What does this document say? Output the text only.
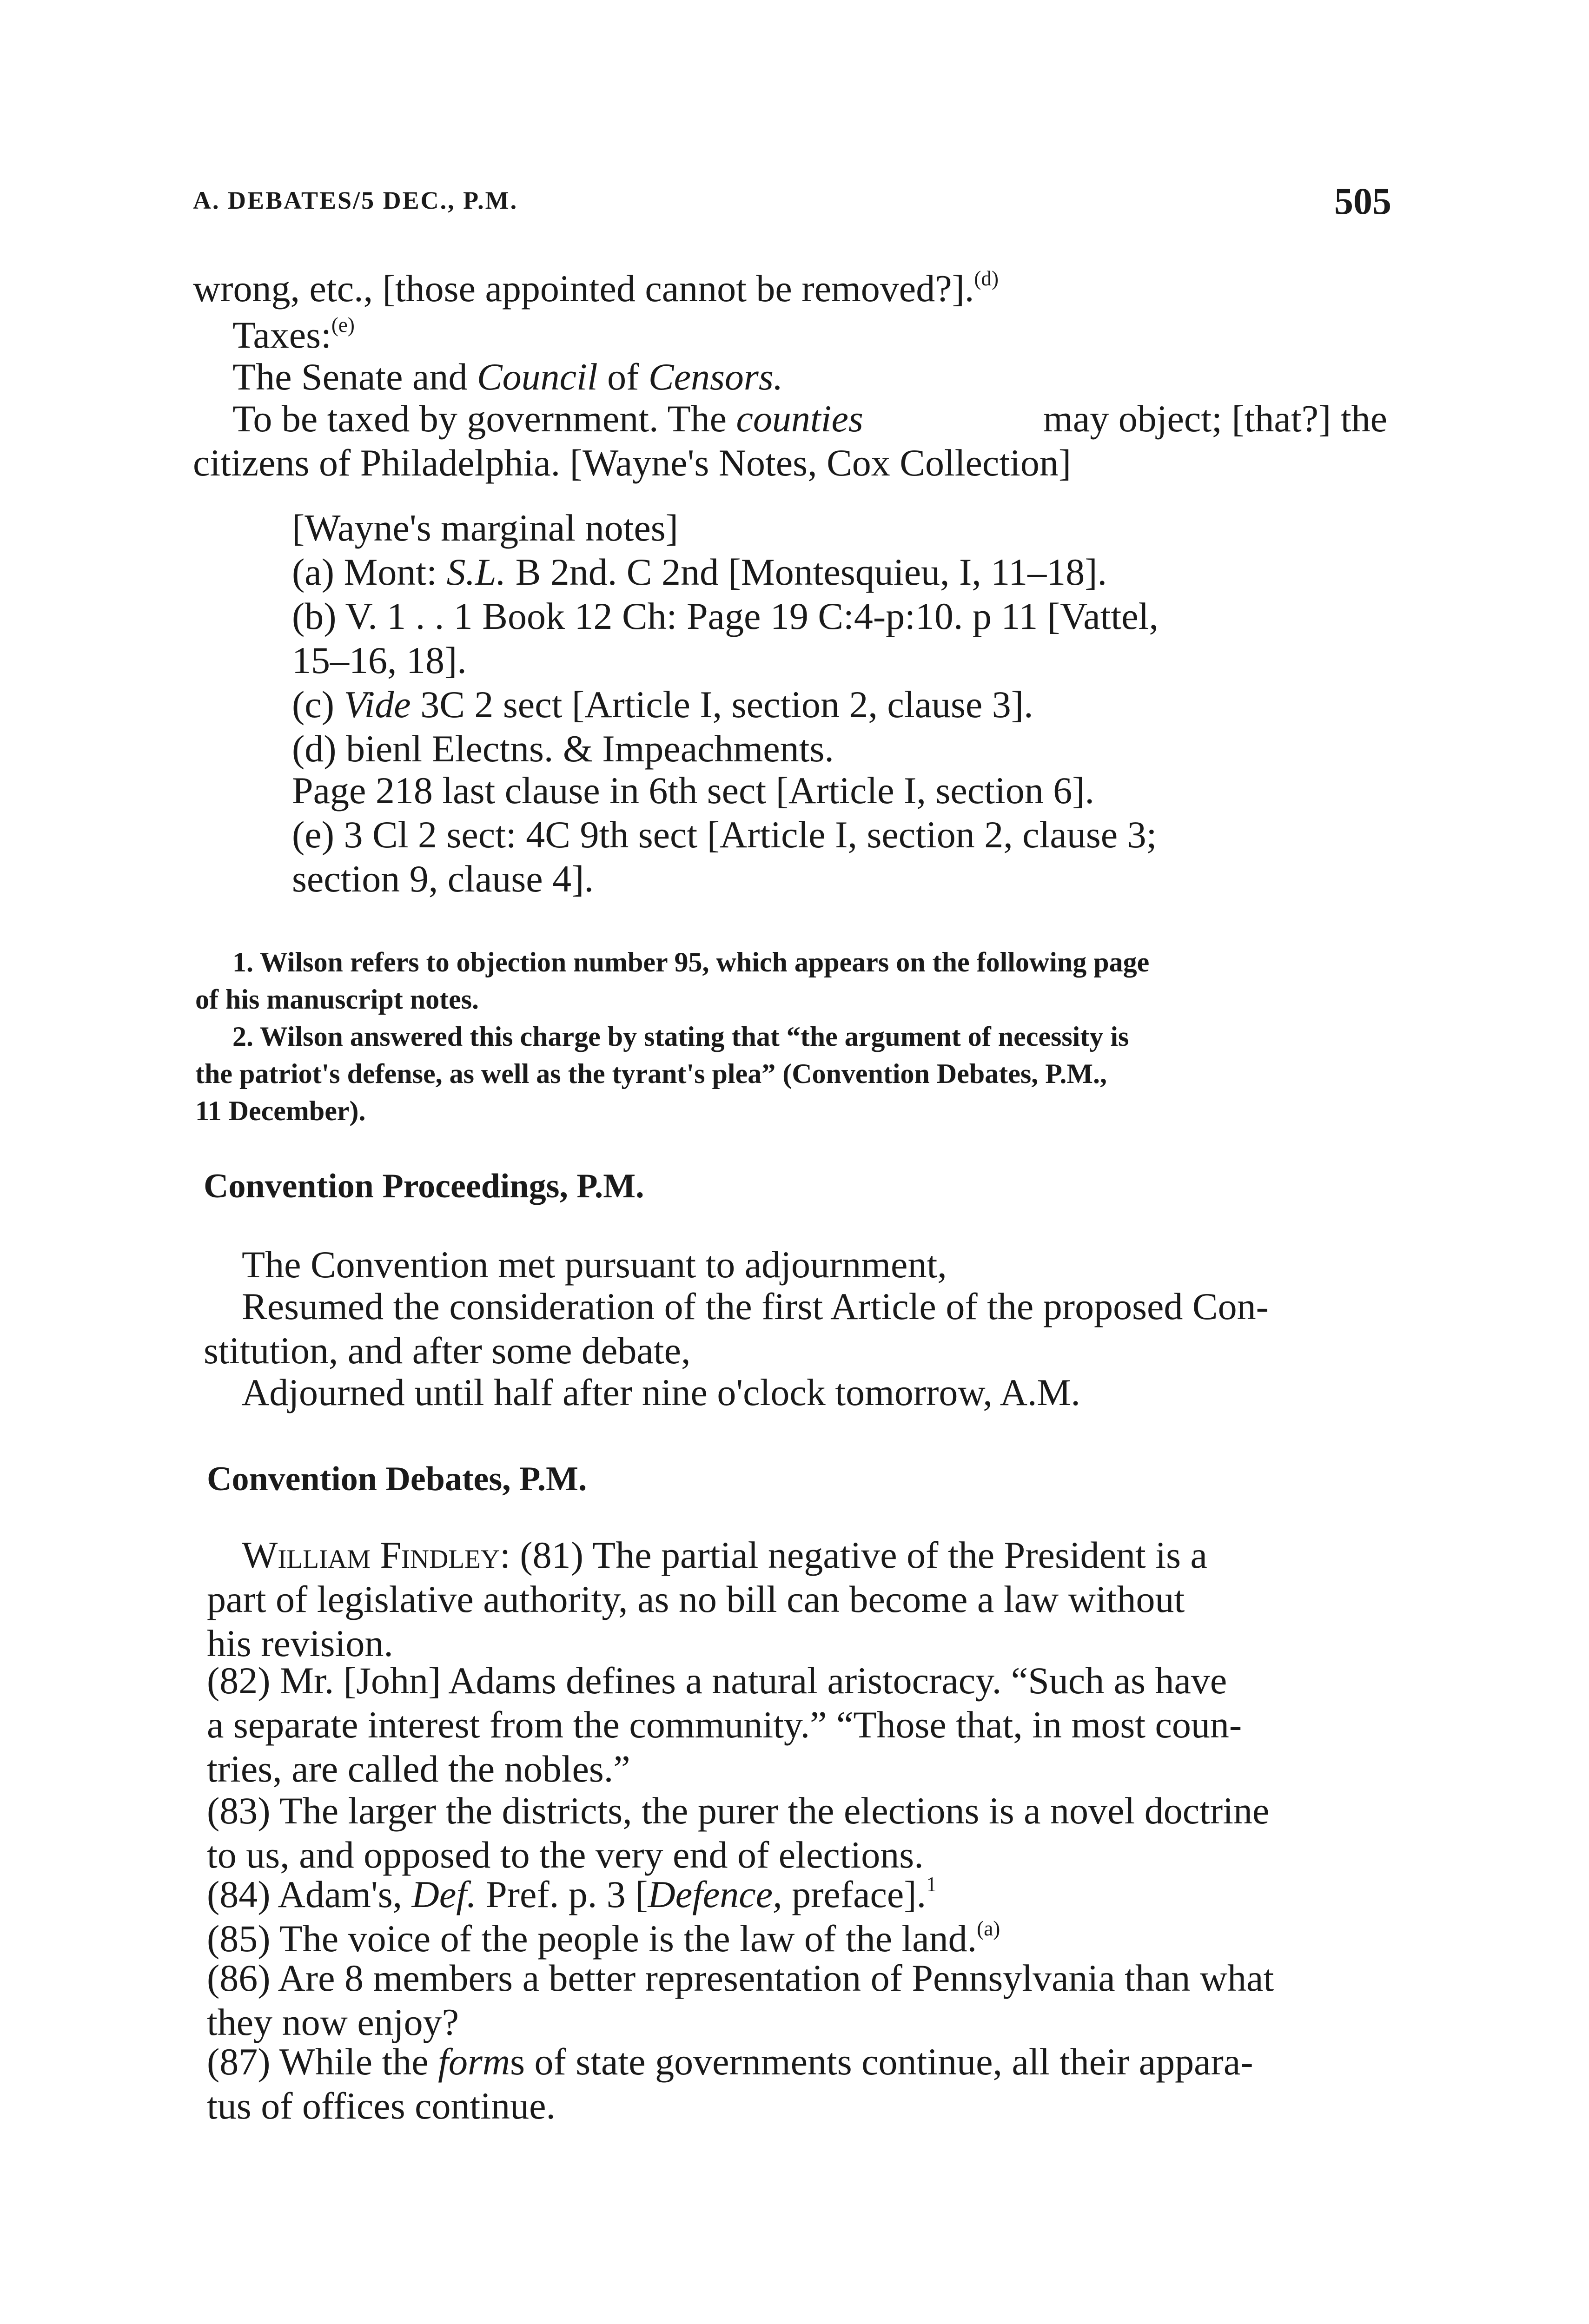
A. DEBATES/5 DEC., P.M.	505
wrong, etc., [those appointed cannot be removed?].$^{(d)}$
Taxes:$^{(e)}$
The Senate and Council of Censors.
To be taxed by government. The counties	may object; [that?] the
citizens of Philadelphia. [Wayne's Notes, Cox Collection]
[Wayne's marginal notes]
(a) Mont: S.L. B 2nd. C 2nd [Montesquieu, I, 11–18].
(b) V. 1 . . 1 Book 12 Ch: Page 19 C:4-p:10. p 11 [Vattel,
15–16, 18].
(c) Vide 3C 2 sect [Article I, section 2, clause 3].
(d) bienl Electns. & Impeachments.
Page 218 last clause in 6th sect [Article I, section 6].
(e) 3 Cl 2 sect: 4C 9th sect [Article I, section 2, clause 3;
section 9, clause 4].
1. Wilson refers to objection number 95, which appears on the following page
of his manuscript notes.
2. Wilson answered this charge by stating that “the argument of necessity is
the patriot's defense, as well as the tyrant's plea” (Convention Debates, P.M.,
11 December).
Convention Proceedings, P.M.
The Convention met pursuant to adjournment,
Resumed the consideration of the first Article of the proposed Con-
stitution, and after some debate,
Adjourned until half after nine o'clock tomorrow, A.M.
Convention Debates, P.M.
William Findley: (81) The partial negative of the President is a
part of legislative authority, as no bill can become a law without
his revision.
(82) Mr. [John] Adams defines a natural aristocracy. “Such as have
a separate interest from the community.” “Those that, in most coun-
tries, are called the nobles.”
(83) The larger the districts, the purer the elections is a novel doctrine
to us, and opposed to the very end of elections.
(84) Adam's, Def. Pref. p. 3 [Defence, preface].$^1$
(85) The voice of the people is the law of the land.$^{(a)}$
(86) Are 8 members a better representation of Pennsylvania than what
they now enjoy?
(87) While the forms of state governments continue, all their appara-
tus of offices continue.
